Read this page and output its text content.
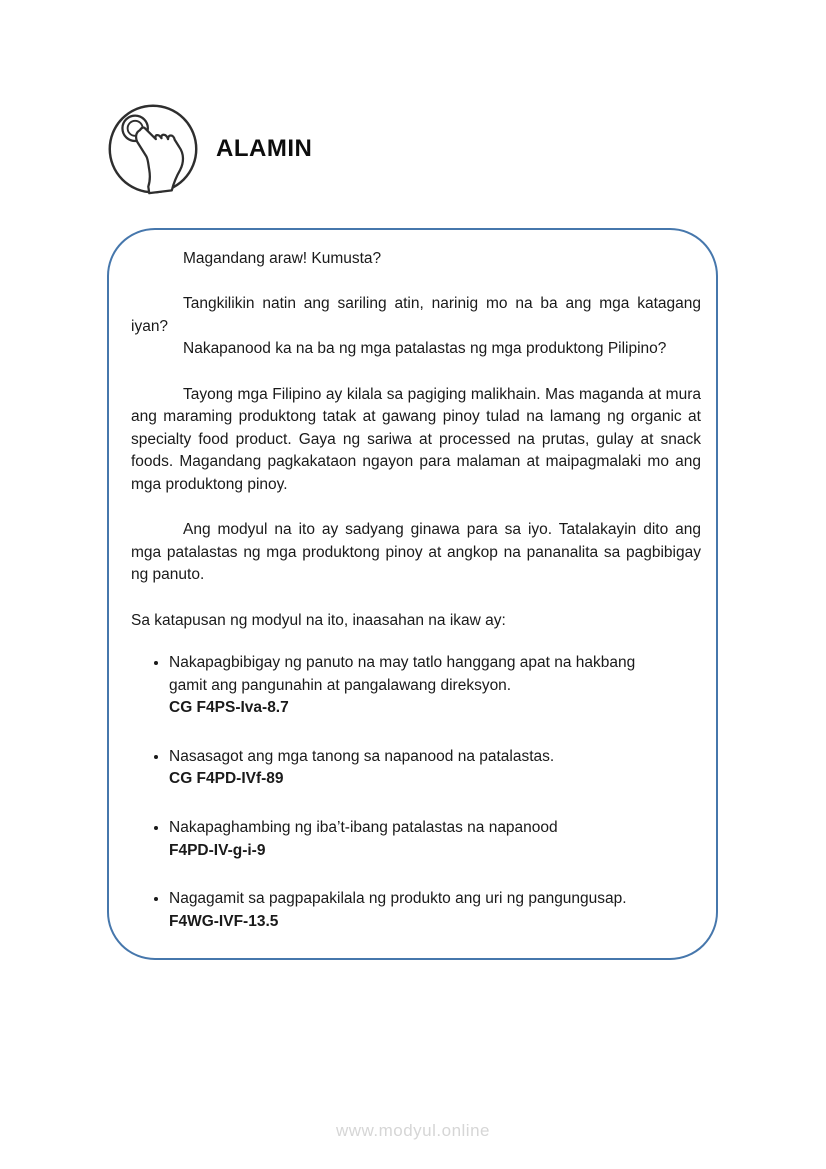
ALAMIN

Magandang araw! Kumusta?

Tangkilikin natin ang sariling atin, narinig mo na ba ang mga katagang iyan?

Nakapanood ka na ba ng mga patalastas ng mga produktong Pilipino?

Tayong mga Filipino ay kilala sa pagiging malikhain. Mas maganda at mura ang maraming produktong tatak at gawang pinoy tulad na lamang ng organic at specialty food product. Gaya ng sariwa at processed na prutas, gulay at snack foods. Magandang pagkakataon ngayon para malaman at maipagmalaki mo ang mga produktong pinoy.

Ang modyul na ito ay sadyang ginawa para sa iyo. Tatalakayin dito ang mga patalastas ng mga produktong pinoy at angkop na pananalita sa pagbibigay ng panuto.

Sa katapusan ng modyul na ito, inaasahan na ikaw ay:

• Nakapagbibigay ng panuto na may tatlo hanggang apat na hakbang gamit ang pangunahin at pangalawang direksyon.
CG F4PS-Iva-8.7
• Nasasagot ang mga tanong sa napanood na patalastas.
CG F4PD-IVf-89
• Nakapaghambing ng iba’t-ibang patalastas na napanood
F4PD-IV-g-i-9
• Nagagamit sa pagpapakilala ng produkto ang uri ng pangungusap.
F4WG-IVF-13.5
www.modyul.online
